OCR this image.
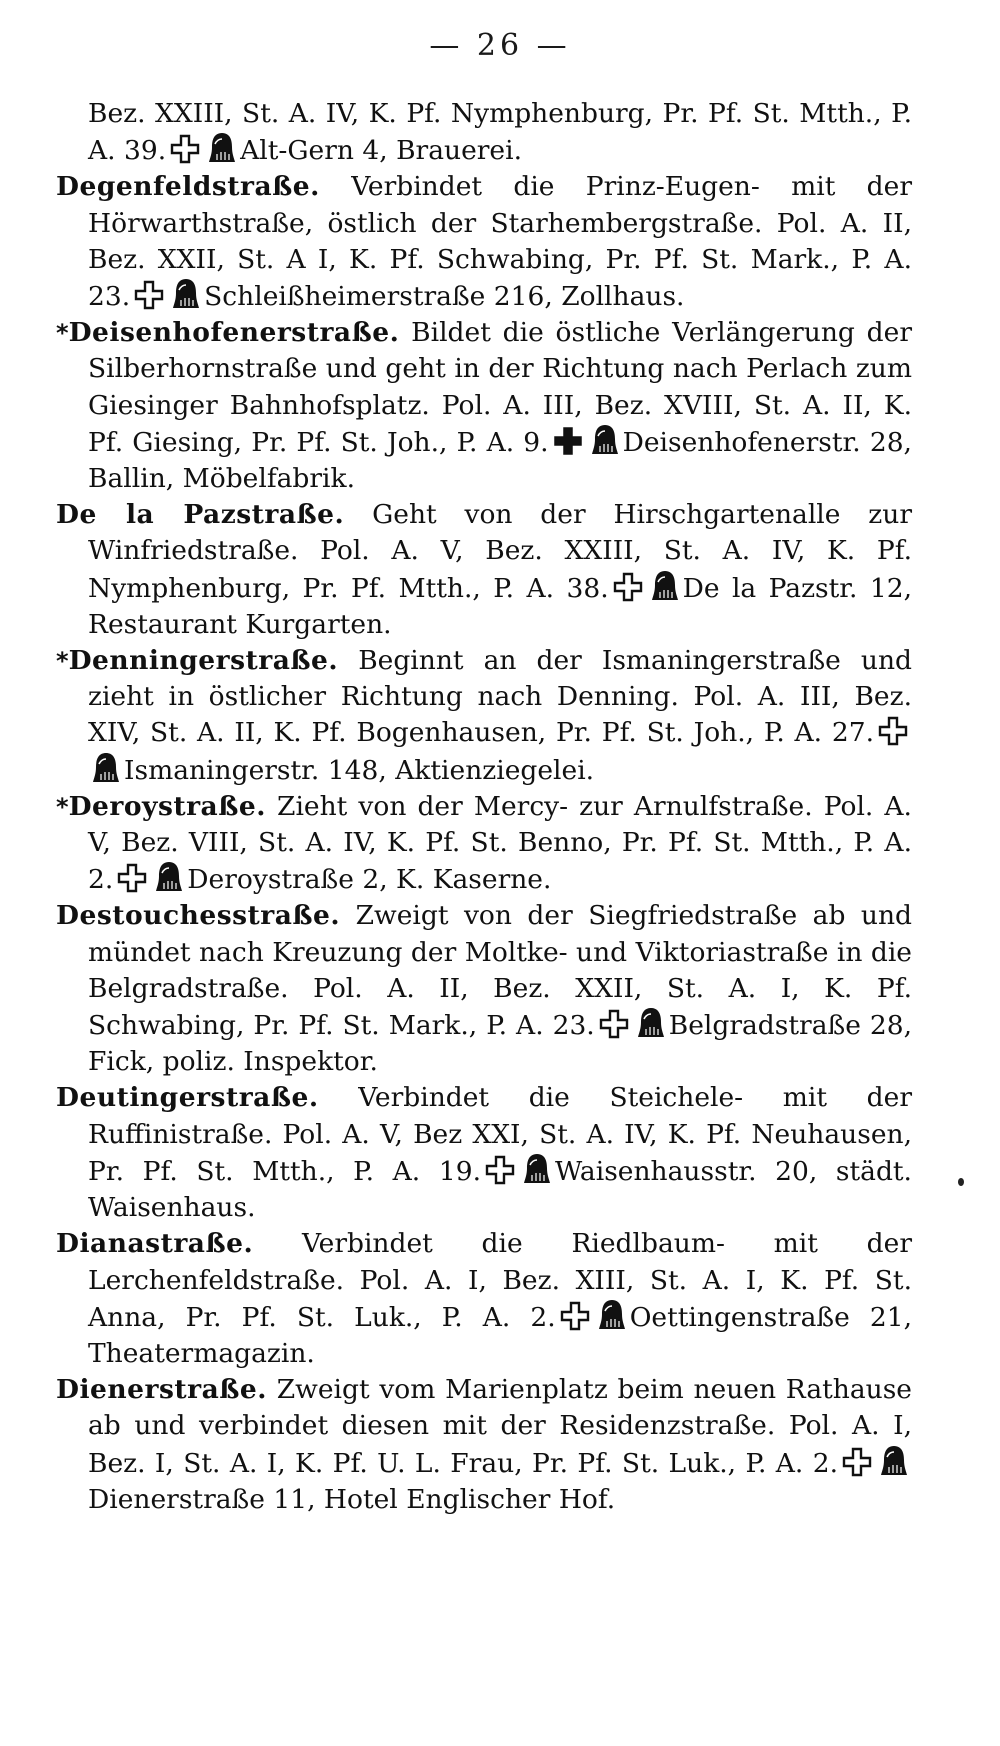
— 26 —

Bez. XXIII, St. A. IV, K. Pf. Nymphenburg, Pr. Pf. St. Mtth., P. A. 39.	Alt-Gern 4, Brauerei.

Degenfeldstraße. Verbindet die Prinz-Eugen- mit der Hörwarthstraße, östlich der Starhembergstraße. Pol. A. II, Bez. XXII, St. A I, K. Pf. Schwabing, Pr. Pf. St. Mark., P. A. 23.	Schleißheimerstraße 216, Zollhaus.

*Deisenhofenerstraße. Bildet die östliche Verlängerung der Silberhornstraße und geht in der Richtung nach Perlach zum Giesinger Bahnhofsplatz. Pol. A. III, Bez. XVIII, St. A. II, K. Pf. Giesing, Pr. Pf. St. Joh., P. A. 9.	Deisenhofenerstr. 28, Ballin, Möbelfabrik.

De la Pazstraße. Geht von der Hirschgartenalle zur Winfriedstraße. Pol. A. V, Bez. XXIII, St. A. IV, K. Pf. Nymphenburg, Pr. Pf. Mtth., P. A. 38.	De la Pazstr. 12, Restaurant Kurgarten.

*Denningerstraße. Beginnt an der Ismaningerstraße und zieht in östlicher Richtung nach Denning. Pol. A. III, Bez. XIV, St. A. II, K. Pf. Bogenhausen, Pr. Pf. St. Joh., P. A. 27.
Ismaningerstr. 148, Aktienziegelei.

*Deroystraße. Zieht von der Mercy- zur Arnulfstraße. Pol. A. V, Bez. VIII, St. A. IV, K. Pf. St. Benno, Pr. Pf. St. Mtth., P. A. 2.	Deroystraße 2, K. Kaserne.

Destouchesstraße. Zweigt von der Siegfriedstraße ab und mündet nach Kreuzung der Moltke- und Viktoriastraße in die Belgradstraße. Pol. A. II, Bez. XXII, St. A. I, K. Pf. Schwabing, Pr. Pf. St. Mark., P. A. 23.	Belgradstraße 28, Fick, poliz. Inspektor.

Deutingerstraße. Verbindet die Steichele- mit der Ruffinistraße. Pol. A. V, Bez XXI, St. A. IV, K. Pf. Neuhausen, Pr. Pf. St. Mtth., P. A. 19.	Waisenhausstr. 20, städt. Waisenhaus.

Dianastraße. Verbindet die Riedlbaum- mit der Lerchenfeldstraße. Pol. A. I, Bez. XIII, St. A. I, K. Pf. St. Anna, Pr. Pf. St. Luk., P. A. 2.	Oettingenstraße 21, Theatermagazin.

Dienerstraße. Zweigt vom Marienplatz beim neuen Rathause ab und verbindet diesen mit der Residenzstraße. Pol. A. I, Bez. I, St. A. I, K. Pf. U. L. Frau, Pr. Pf. St. Luk., P. A. 2.
Dienerstraße 11, Hotel Englischer Hof.
